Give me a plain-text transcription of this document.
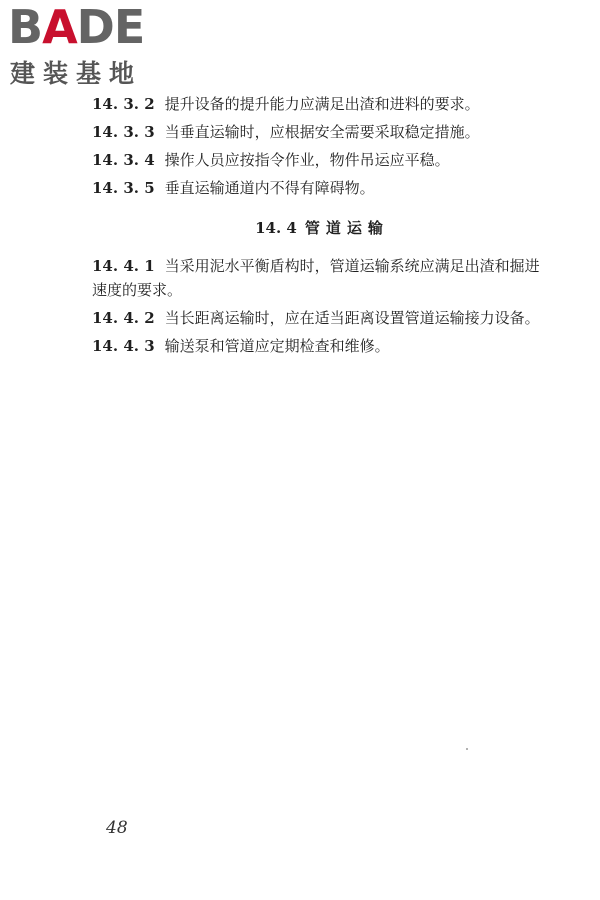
BADE
建装基地

14. 3. 2 提升设备的提升能力应满足出渣和进料的要求。

14. 3. 3 当垂直运输时，应根据安全需要采取稳定措施。

14. 3. 4 操作人员应按指令作业，物件吊运应平稳。

14. 3. 5 垂直运输通道内不得有障碍物。

14. 4 管道运输

14. 4. 1 当采用泥水平衡盾构时，管道运输系统应满足出渣和掘进速度的要求。

14. 4. 2 当长距离运输时，应在适当距离设置管道运输接力设备。

14. 4. 3 输送泵和管道应定期检查和维修。

48
